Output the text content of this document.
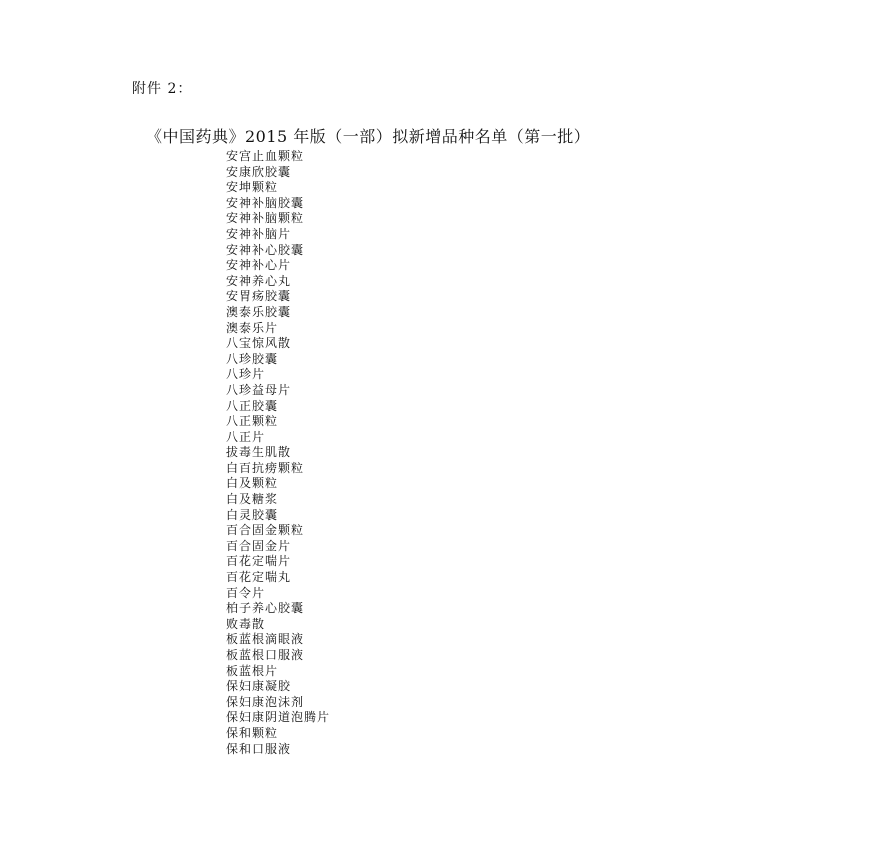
附件 2：
《中国药典》2015 年版（一部）拟新增品种名单（第一批）
安宫止血颗粒
安康欣胶囊
安坤颗粒
安神补脑胶囊
安神补脑颗粒
安神补脑片
安神补心胶囊
安神补心片
安神养心丸
安胃疡胶囊
澳泰乐胶囊
澳泰乐片
八宝惊风散
八珍胶囊
八珍片
八珍益母片
八正胶囊
八正颗粒
八正片
拔毒生肌散
白百抗痨颗粒
白及颗粒
白及糖浆
白灵胶囊
百合固金颗粒
百合固金片
百花定喘片
百花定喘丸
百令片
柏子养心胶囊
败毒散
板蓝根滴眼液
板蓝根口服液
板蓝根片
保妇康凝胶
保妇康泡沫剂
保妇康阴道泡腾片
保和颗粒
保和口服液
